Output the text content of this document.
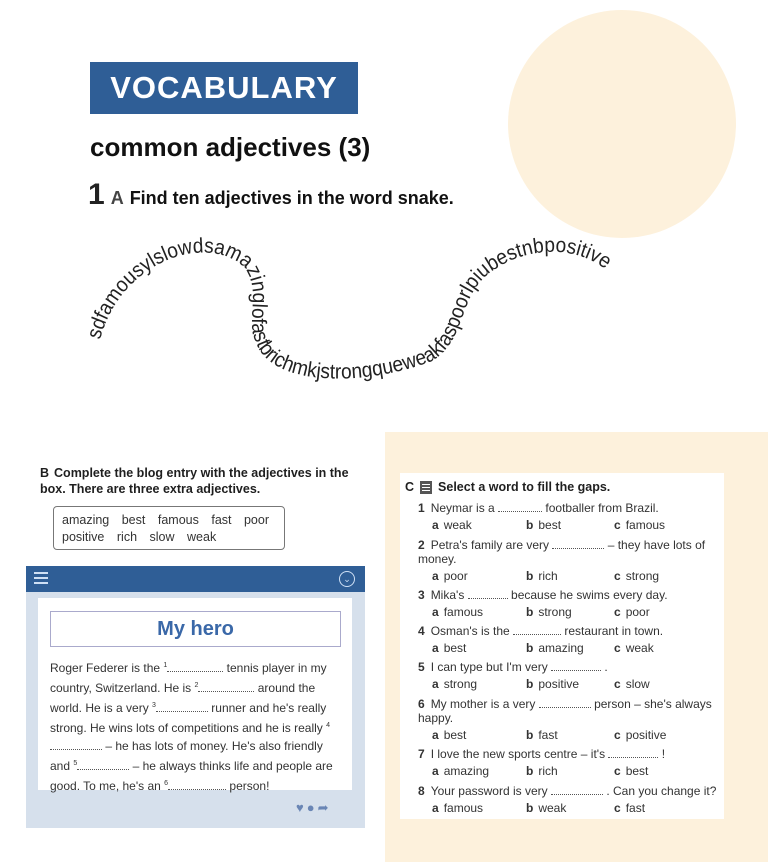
VOCABULARY
common adjectives (3)
1 A Find ten adjectives in the word snake.
sdfamousylslowdsamazinglofastbrichmkjstrongqueweakfaspoorlpiubestnbpositive
B Complete the blog entry with the adjectives in the box. There are three extra adjectives.
amazing best famous fast poor
positive rich slow weak
⌄
My hero
Roger Federer is the $^1$	tennis player in my country, Switzerland. He is $^2$	around the world. He is a very $^3$	runner and he's really strong. He wins lots of competitions and he is really $^4$ – he has lots of money. He's also friendly and $^5$	– he always thinks life and people are good. To me, he's an $^6$	person!
♥●➦
C Select a word to fill the gaps.
1 Neymar is a	footballer from Brazil.
a weak	b best	c famous
2 Petra's family are very	– they have lots of money.
a poor	b rich	c strong
3 Mika's	because he swims every day.
a famous	b strong	c poor
4 Osman's is the	restaurant in town.
a best	b amazing	c weak
5 I can type but I'm very	.
a strong	b positive	c slow
6 My mother is a very	person – she's always happy.
a best	b fast	c positive
7 I love the new sports centre – it's	!
a amazing	b rich	c best
8 Your password is very	. Can you change it?
a famous	b weak	c fast
